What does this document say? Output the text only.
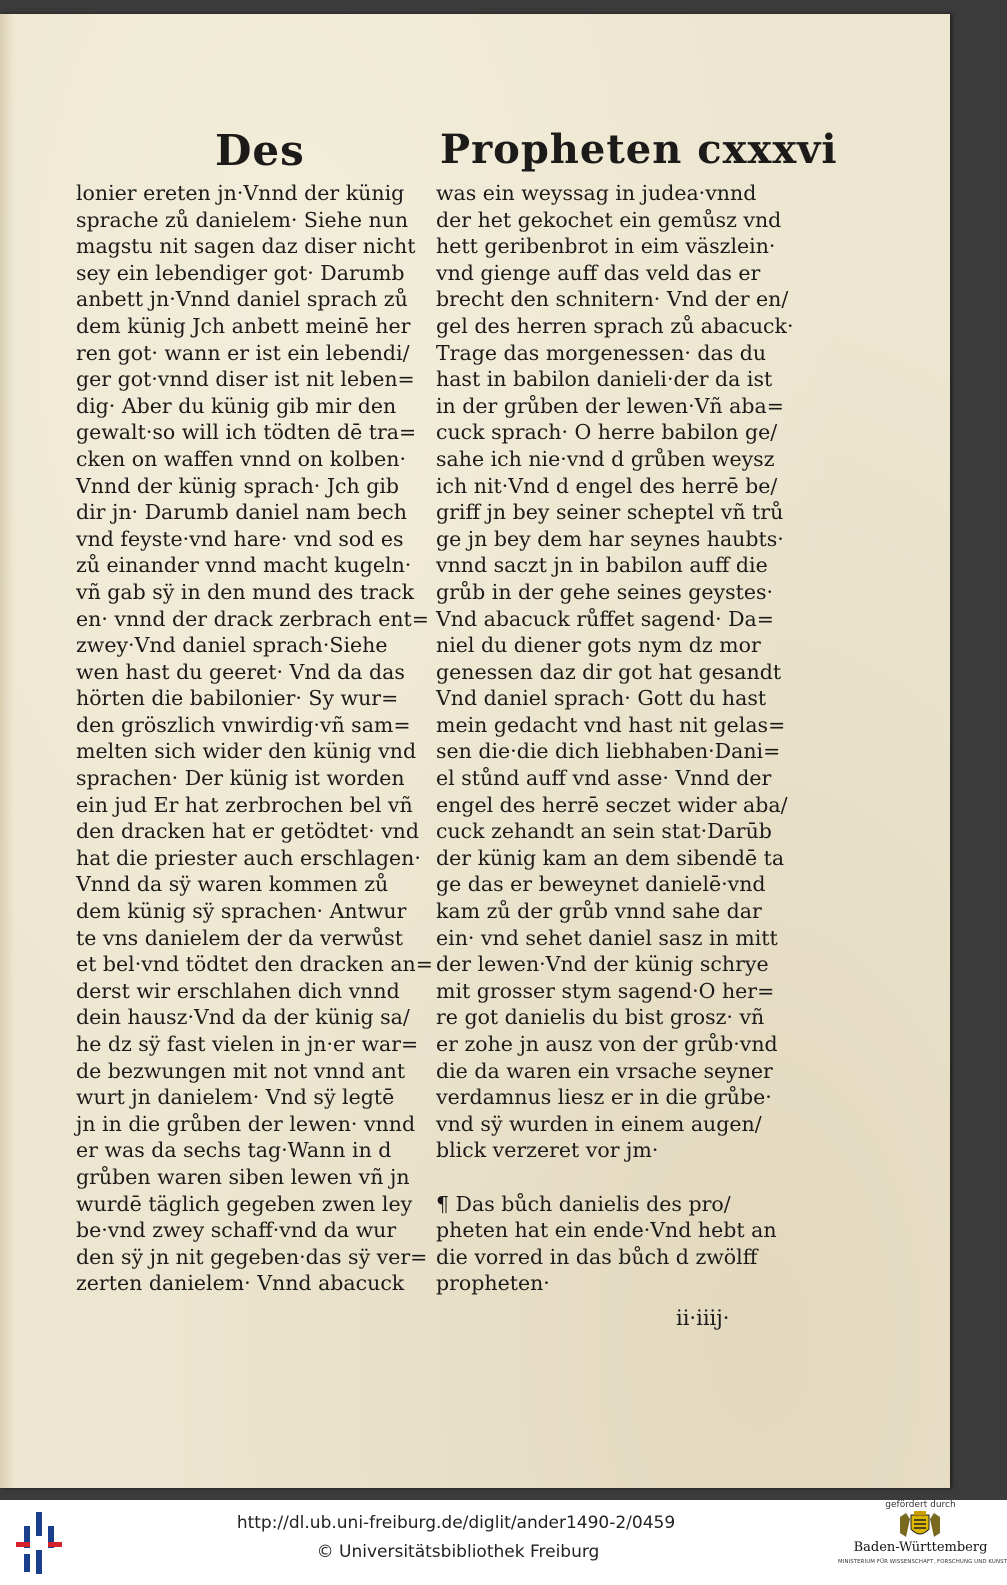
Des	Propheten cxxxvi
lonier ereten jn·Vnnd der künig
sprache zů danielem· Siehe nun
magstu nit sagen daz diser nicht
sey ein lebendiger got· Darumb
anbett jn·Vnnd daniel sprach zů
dem künig Jch anbett meinē her
ren got· wann er ist ein lebendi/
ger got·vnnd diser ist nit leben=
dig· Aber du künig gib mir den
gewalt·so will ich tödten dē tra=
cken on waffen vnnd on kolben·
Vnnd der künig sprach· Jch gib
dir jn· Darumb daniel nam bech
vnd feyste·vnd hare· vnd sod es
zů einander vnnd macht kugeln·
vñ gab sÿ in den mund des track
en· vnnd der drack zerbrach ent=
zwey·Vnd daniel sprach·Siehe
wen hast du geeret· Vnd da das
hörten die babilonier· Sy wur=
den gröszlich vnwirdig·vñ sam=
melten sich wider den künig vnd
sprachen· Der künig ist worden
ein jud Er hat zerbrochen bel vñ
den dracken hat er getödtet· vnd
hat die priester auch erschlagen·
Vnnd da sÿ waren kommen zů
dem künig sÿ sprachen· Antwur
te vns danielem der da verwůst
et bel·vnd tödtet den dracken an=
derst wir erschlahen dich vnnd
dein hausz·Vnd da der künig sa/
he dz sÿ fast vielen in jn·er war=
de bezwungen mit not vnnd ant
wurt jn danielem· Vnd sÿ legtē
jn in die grůben der lewen· vnnd
er was da sechs tag·Wann in d
grůben waren siben lewen vñ jn
wurdē täglich gegeben zwen ley
be·vnd zwey schaff·vnd da wur
den sÿ jn nit gegeben·das sÿ ver=
zerten danielem· Vnnd abacuck
was ein weyssag in judea·vnnd
der het gekochet ein gemůsz vnd
hett geribenbrot in eim väszlein·
vnd gienge auff das veld das er
brecht den schnitern· Vnd der en/
gel des herren sprach zů abacuck·
Trage das morgenessen· das du
hast in babilon danieli·der da ist
in der grůben der lewen·Vñ aba=
cuck sprach· O herre babilon ge/
sahe ich nie·vnd d grůben weysz
ich nit·Vnd d engel des herrē be/
griff jn bey seiner scheptel vñ trů
ge jn bey dem har seynes haubts·
vnnd saczt jn in babilon auff die
grůb in der gehe seines geystes·
Vnd abacuck růffet sagend· Da=
niel du diener gots nym dz mor
genessen daz dir got hat gesandt
Vnd daniel sprach· Gott du hast
mein gedacht vnd hast nit gelas=
sen die·die dich liebhaben·Dani=
el stůnd auff vnd asse· Vnnd der
engel des herrē seczet wider aba/
cuck zehandt an sein stat·Darūb
der künig kam an dem sibendē ta
ge das er beweynet danielē·vnd
kam zů der grůb vnnd sahe dar
ein· vnd sehet daniel sasz in mitt
der lewen·Vnd der künig schrye
mit grosser stym sagend·O her=
re got danielis du bist grosz· vñ
er zohe jn ausz von der grůb·vnd
die da waren ein vrsache seyner
verdamnus liesz er in die grůbe·
vnd sÿ wurden in einem augen/
blick verzeret vor jm·
¶ Das bůch danielis des pro/
pheten hat ein ende·Vnd hebt an
die vorred in das bůch d zwölff
propheten·
ii·iiij·
http://dl.ub.uni-freiburg.de/diglit/ander1490-2/0459
© Universitätsbibliothek Freiburg
gefördert durch
Baden-Württemberg
MINISTERIUM FÜR WISSENSCHAFT, FORSCHUNG UND KUNST
